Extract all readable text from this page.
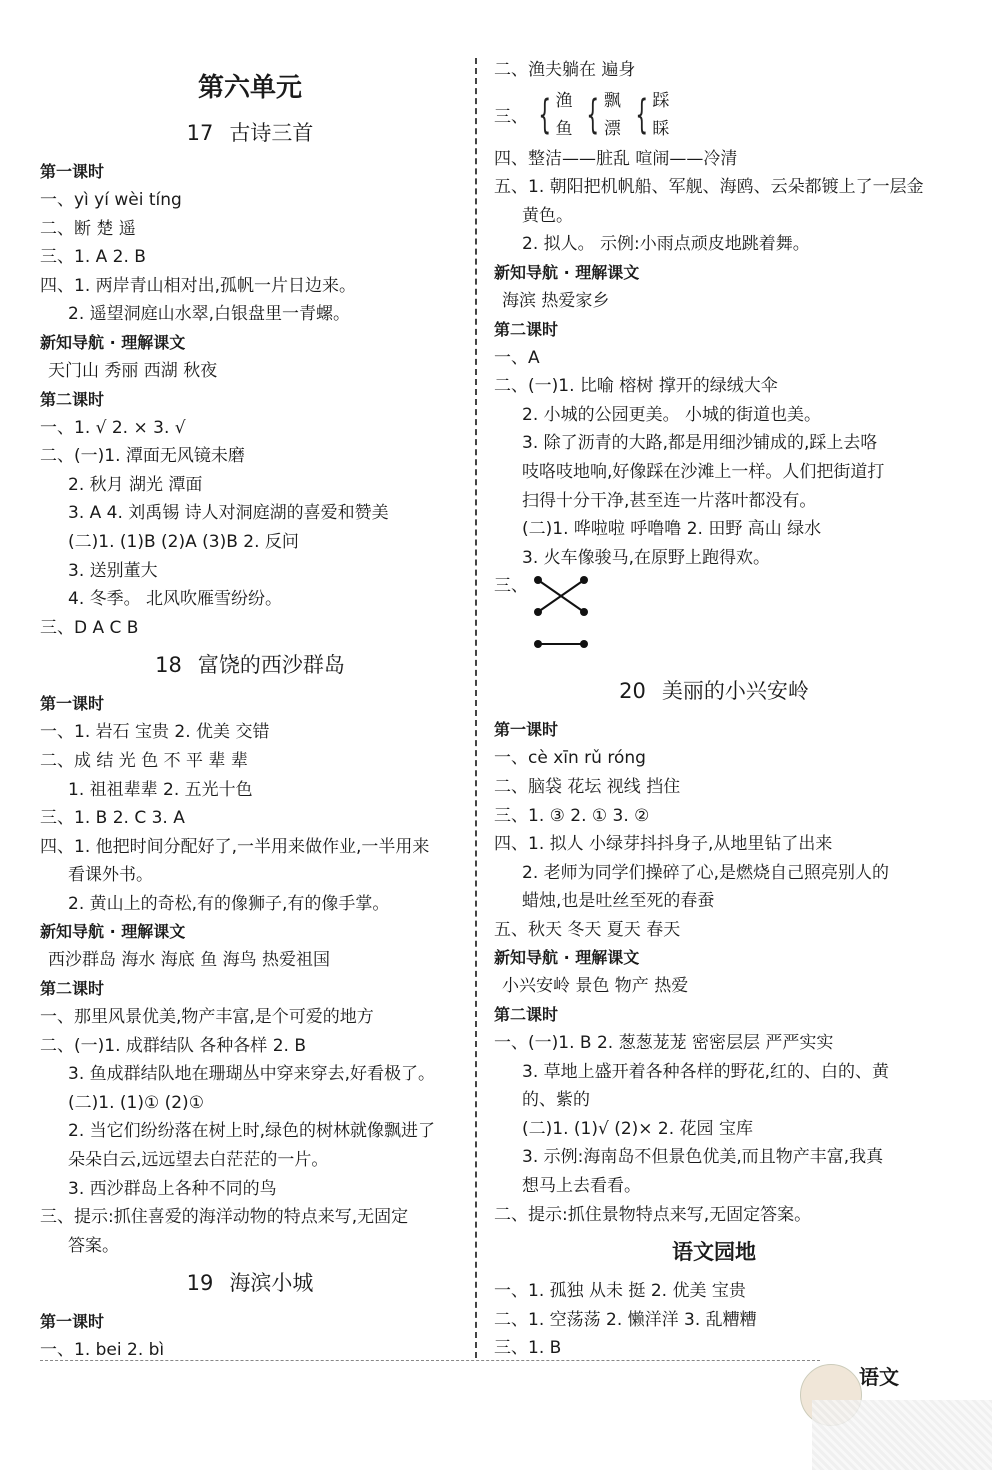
第六单元
17 古诗三首
第一课时
一、yì yí wèi tíng
二、断 楚 遥
三、1. A 2. B
四、1. 两岸青山相对出,孤帆一片日边来。
2. 遥望洞庭山水翠,白银盘里一青螺。
新知导航 · 理解课文
天门山 秀丽 西湖 秋夜
第二课时
一、1. √ 2. × 3. √
二、(一)1. 潭面无风镜未磨
2. 秋月 湖光 潭面
3. A 4. 刘禹锡 诗人对洞庭湖的喜爱和赞美
(二)1. (1)B (2)A (3)B 2. 反问
3. 送别董大
4. 冬季。 北风吹雁雪纷纷。
三、D A C B
18 富饶的西沙群岛
第一课时
一、1. 岩石 宝贵 2. 优美 交错
二、成 结 光 色 不 平 辈 辈
1. 祖祖辈辈 2. 五光十色
三、1. B 2. C 3. A
四、1. 他把时间分配好了,一半用来做作业,一半用来
看课外书。
2. 黄山上的奇松,有的像狮子,有的像手掌。
新知导航 · 理解课文
西沙群岛 海水 海底 鱼 海鸟 热爱祖国
第二课时
一、那里风景优美,物产丰富,是个可爱的地方
二、(一)1. 成群结队 各种各样 2. B
3. 鱼成群结队地在珊瑚丛中穿来穿去,好看极了。
(二)1. (1)① (2)①
2. 当它们纷纷落在树上时,绿色的树林就像飘进了
朵朵白云,远远望去白茫茫的一片。
3. 西沙群岛上各种不同的鸟
三、提示:抓住喜爱的海洋动物的特点来写,无固定
答案。
19 海滨小城
第一课时
一、1. bei 2. bì
二、渔夫躺在 遍身
三、 { 渔
鱼 { 飘
漂 { 踩
睬
四、整洁——脏乱 喧闹——冷清
五、1. 朝阳把机帆船、军舰、海鸥、云朵都镀上了一层金
黄色。
2. 拟人。 示例:小雨点顽皮地跳着舞。
新知导航 · 理解课文
海滨 热爱家乡
第二课时
一、A
二、(一)1. 比喻 榕树 撑开的绿绒大伞
2. 小城的公园更美。 小城的街道也美。
3. 除了沥青的大路,都是用细沙铺成的,踩上去咯
吱咯吱地响,好像踩在沙滩上一样。人们把街道打
扫得十分干净,甚至连一片落叶都没有。
(二)1. 哗啦啦 呼噜噜 2. 田野 高山 绿水
3. 火车像骏马,在原野上跑得欢。
三、
20 美丽的小兴安岭
第一课时
一、cè xīn rǔ róng
二、脑袋 花坛 视线 挡住
三、1. ③ 2. ① 3. ②
四、1. 拟人 小绿芽抖抖身子,从地里钻了出来
2. 老师为同学们操碎了心,是燃烧自己照亮别人的
蜡烛,也是吐丝至死的春蚕
五、秋天 冬天 夏天 春天
新知导航 · 理解课文
小兴安岭 景色 物产 热爱
第二课时
一、(一)1. B 2. 葱葱茏茏 密密层层 严严实实
3. 草地上盛开着各种各样的野花,红的、白的、黄
的、紫的
(二)1. (1)√ (2)× 2. 花园 宝库
3. 示例:海南岛不但景色优美,而且物产丰富,我真
想马上去看看。
二、提示:抓住景物特点来写,无固定答案。
语文园地
一、1. 孤独 从未 挺 2. 优美 宝贵
二、1. 空荡荡 2. 懒洋洋 3. 乱糟糟
三、1. B
语文
